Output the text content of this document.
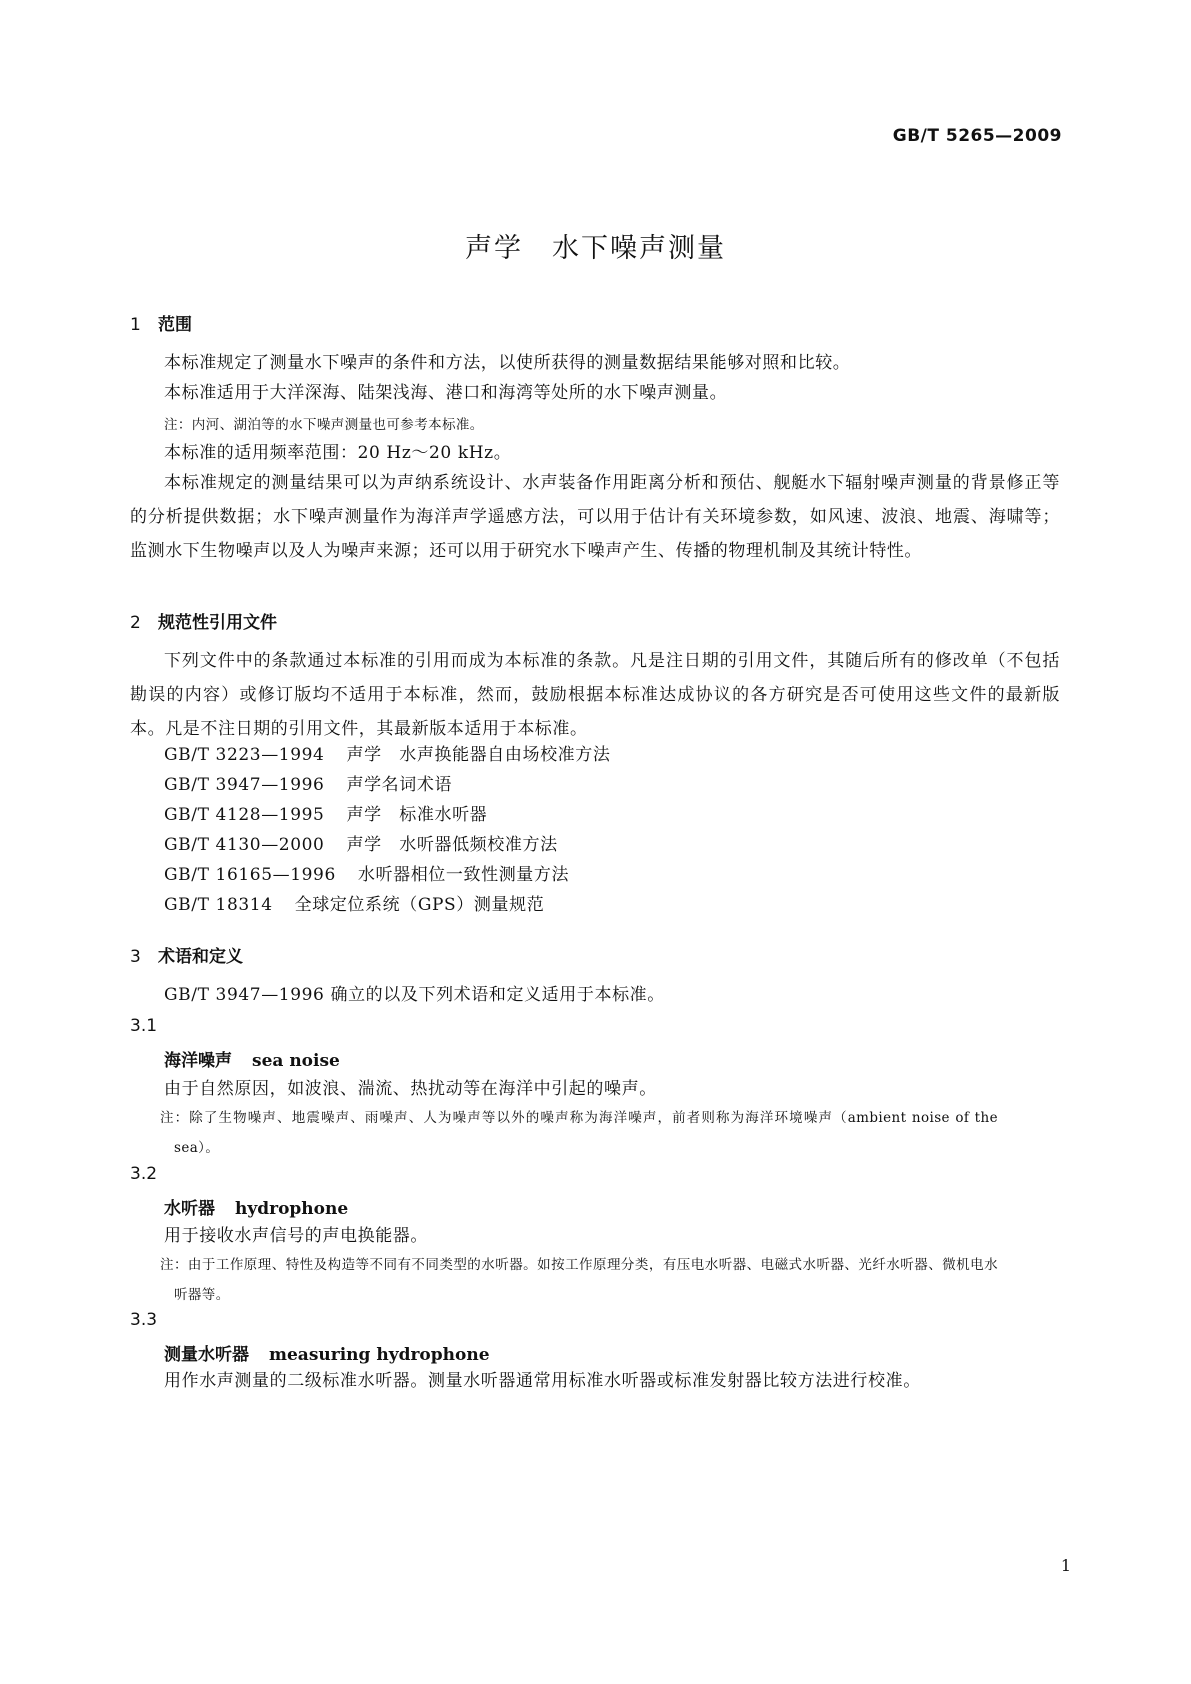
GB/T 5265—2009
声学　水下噪声测量
1 范围
本标准规定了测量水下噪声的条件和方法，以使所获得的测量数据结果能够对照和比较。
本标准适用于大洋深海、陆架浅海、港口和海湾等处所的水下噪声测量。
注：内河、湖泊等的水下噪声测量也可参考本标准。
本标准的适用频率范围：20 Hz～20 kHz。
本标准规定的测量结果可以为声纳系统设计、水声装备作用距离分析和预估、舰艇水下辐射噪声测量的背景修正等的分析提供数据；水下噪声测量作为海洋声学遥感方法，可以用于估计有关环境参数，如风速、波浪、地震、海啸等；监测水下生物噪声以及人为噪声来源；还可以用于研究水下噪声产生、传播的物理机制及其统计特性。
2 规范性引用文件
下列文件中的条款通过本标准的引用而成为本标准的条款。凡是注日期的引用文件，其随后所有的修改单（不包括勘误的内容）或修订版均不适用于本标准，然而，鼓励根据本标准达成协议的各方研究是否可使用这些文件的最新版本。凡是不注日期的引用文件，其最新版本适用于本标准。
GB/T 3223—1994 声学　水声换能器自由场校准方法
GB/T 3947—1996 声学名词术语
GB/T 4128—1995 声学　标准水听器
GB/T 4130—2000 声学　水听器低频校准方法
GB/T 16165—1996 水听器相位一致性测量方法
GB/T 18314 全球定位系统（GPS）测量规范
3 术语和定义
GB/T 3947—1996 确立的以及下列术语和定义适用于本标准。
3.1
海洋噪声 sea noise
由于自然原因，如波浪、湍流、热扰动等在海洋中引起的噪声。
注：除了生物噪声、地震噪声、雨噪声、人为噪声等以外的噪声称为海洋噪声，前者则称为海洋环境噪声（ambient noise of the sea）。
3.2
水听器 hydrophone
用于接收水声信号的声电换能器。
注：由于工作原理、特性及构造等不同有不同类型的水听器。如按工作原理分类，有压电水听器、电磁式水听器、光纤水听器、微机电水听器等。
3.3
测量水听器 measuring hydrophone
用作水声测量的二级标准水听器。测量水听器通常用标准水听器或标准发射器比较方法进行校准。
1
